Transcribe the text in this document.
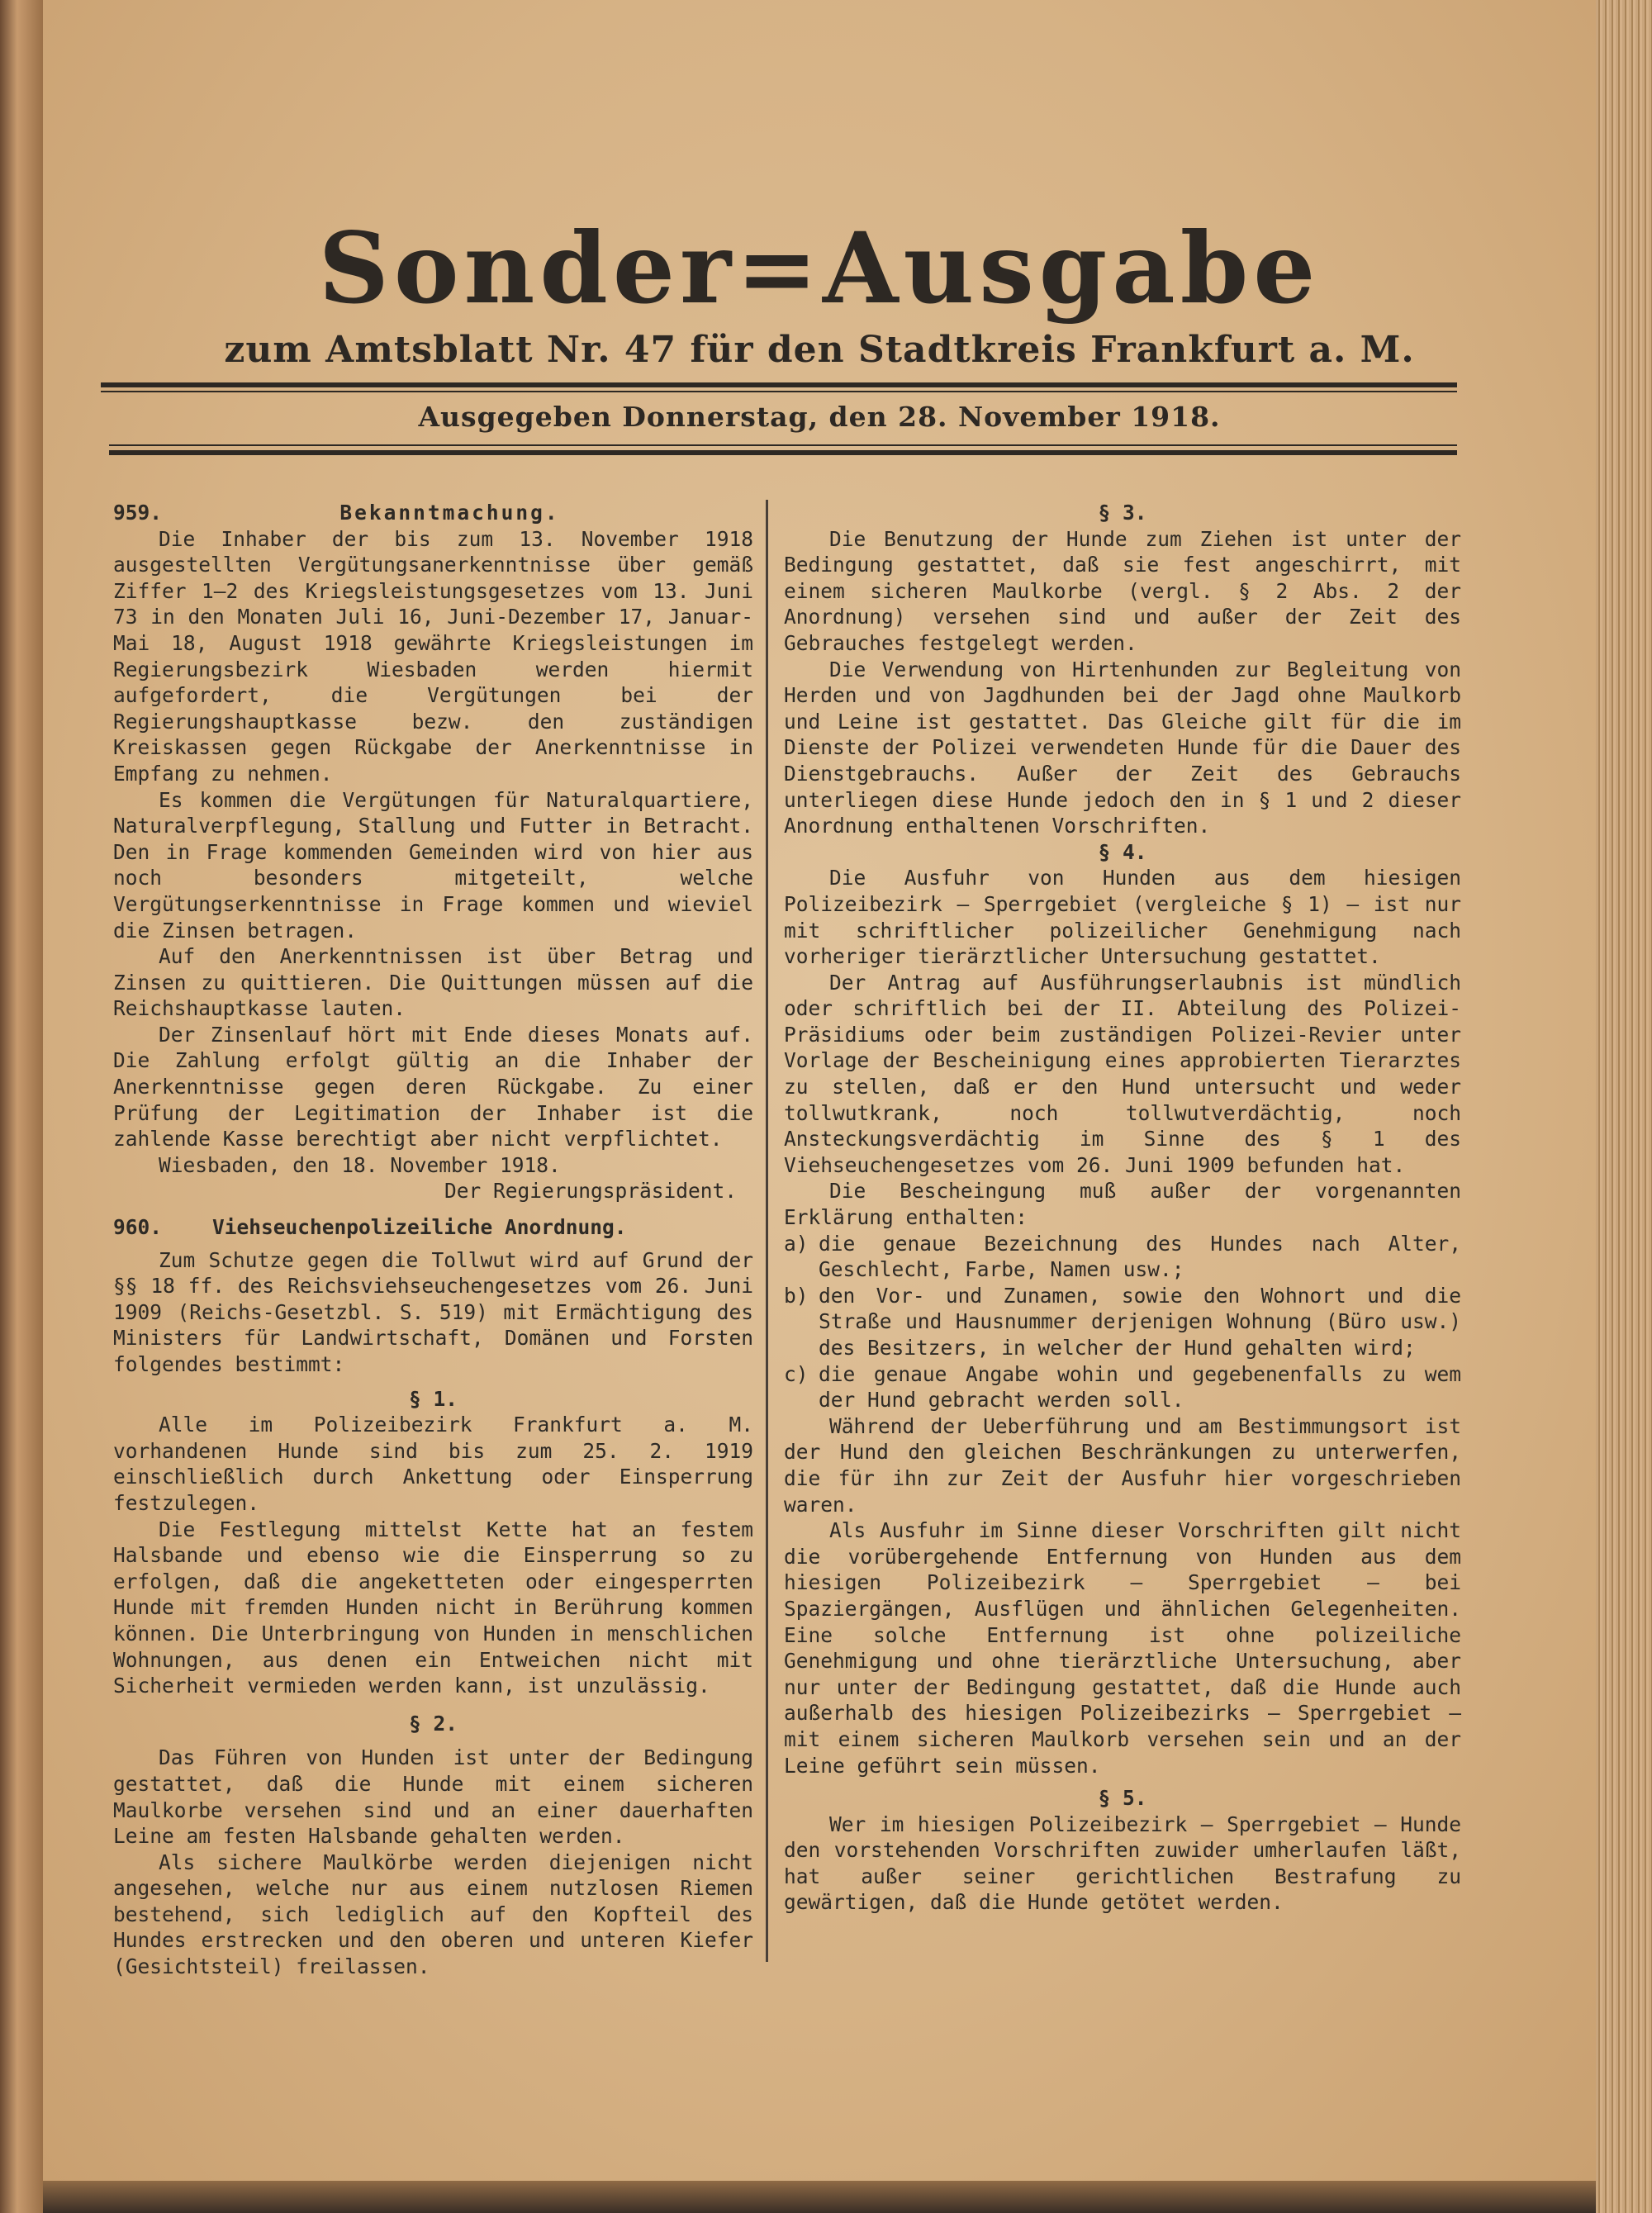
Sonder=Ausgabe
zum Amtsblatt Nr. 47 für den Stadtkreis Frankfurt a. M.
Ausgegeben Donnerstag, den 28. November 1918.
959.	Bekanntmachung.

Die Inhaber der bis zum 13. November 1918 ausgestellten Vergütungsanerkenntnisse über gemäß Ziffer 1—2 des Kriegsleistungsgesetzes vom 13. Juni 73 in den Monaten Juli 16, Juni-Dezember 17, Januar-Mai 18, August 1918 gewährte Kriegsleistungen im Regierungsbezirk Wiesbaden werden hiermit aufgefordert, die Vergütungen bei der Regierungshauptkasse bezw. den zuständigen Kreiskassen gegen Rückgabe der Anerkenntnisse in Empfang zu nehmen.

Es kommen die Vergütungen für Naturalquartiere, Naturalverpflegung, Stallung und Futter in Betracht. Den in Frage kommenden Gemeinden wird von hier aus noch besonders mitgeteilt, welche Vergütungserkenntnisse in Frage kommen und wieviel die Zinsen betragen.

Auf den Anerkenntnissen ist über Betrag und Zinsen zu quittieren. Die Quittungen müssen auf die Reichshauptkasse lauten.

Der Zinsenlauf hört mit Ende dieses Monats auf. Die Zahlung erfolgt gültig an die Inhaber der Anerkenntnisse gegen deren Rückgabe. Zu einer Prüfung der Legitimation der Inhaber ist die zahlende Kasse berechtigt aber nicht verpflichtet.

Wiesbaden, den 18. November 1918.

Der Regierungspräsident.
960.	Viehseuchenpolizeiliche Anordnung.

Zum Schutze gegen die Tollwut wird auf Grund der §§ 18 ff. des Reichsviehseuchengesetzes vom 26. Juni 1909 (Reichs-Gesetzbl. S. 519) mit Ermächtigung des Ministers für Landwirtschaft, Domänen und Forsten folgendes bestimmt:

§ 1.

Alle im Polizeibezirk Frankfurt a. M. vorhandenen Hunde sind bis zum 25. 2. 1919 einschließlich durch Ankettung oder Einsperrung festzulegen.

Die Festlegung mittelst Kette hat an festem Halsbande und ebenso wie die Einsperrung so zu erfolgen, daß die angeketteten oder eingesperrten Hunde mit fremden Hunden nicht in Berührung kommen können. Die Unterbringung von Hunden in menschlichen Wohnungen, aus denen ein Entweichen nicht mit Sicherheit vermieden werden kann, ist unzulässig.

§ 2.

Das Führen von Hunden ist unter der Bedingung gestattet, daß die Hunde mit einem sicheren Maulkorbe versehen sind und an einer dauerhaften Leine am festen Halsbande gehalten werden.

Als sichere Maulkörbe werden diejenigen nicht angesehen, welche nur aus einem nutzlosen Riemen bestehend, sich lediglich auf den Kopfteil des Hundes erstrecken und den oberen und unteren Kiefer (Gesichtsteil) freilassen.

§ 3.

Die Benutzung der Hunde zum Ziehen ist unter der Bedingung gestattet, daß sie fest angeschirrt, mit einem sicheren Maulkorbe (vergl. § 2 Abs. 2 der Anordnung) versehen sind und außer der Zeit des Gebrauches festgelegt werden.

Die Verwendung von Hirtenhunden zur Begleitung von Herden und von Jagdhunden bei der Jagd ohne Maulkorb und Leine ist gestattet. Das Gleiche gilt für die im Dienste der Polizei verwendeten Hunde für die Dauer des Dienstgebrauchs. Außer der Zeit des Gebrauchs unterliegen diese Hunde jedoch den in § 1 und 2 dieser Anordnung enthaltenen Vorschriften.

§ 4.

Die Ausfuhr von Hunden aus dem hiesigen Polizeibezirk — Sperrgebiet (vergleiche § 1) — ist nur mit schriftlicher polizeilicher Genehmigung nach vorheriger tierärztlicher Untersuchung gestattet.

Der Antrag auf Ausführungserlaubnis ist mündlich oder schriftlich bei der II. Abteilung des Polizei-Präsidiums oder beim zuständigen Polizei-Revier unter Vorlage der Bescheinigung eines approbierten Tierarztes zu stellen, daß er den Hund untersucht und weder tollwutkrank, noch tollwutverdächtig, noch Ansteckungsverdächtig im Sinne des § 1 des Viehseuchengesetzes vom 26. Juni 1909 befunden hat.

Die Bescheingung muß außer der vorgenannten Erklärung enthalten:

a) die genaue Bezeichnung des Hundes nach Alter, Geschlecht, Farbe, Namen usw.;
b) den Vor- und Zunamen, sowie den Wohnort und die Straße und Hausnummer derjenigen Wohnung (Büro usw.) des Besitzers, in welcher der Hund gehalten wird;
c) die genaue Angabe wohin und gegebenenfalls zu wem der Hund gebracht werden soll.

Während der Ueberführung und am Bestimmungsort ist der Hund den gleichen Beschränkungen zu unterwerfen, die für ihn zur Zeit der Ausfuhr hier vorgeschrieben waren.

Als Ausfuhr im Sinne dieser Vorschriften gilt nicht die vorübergehende Entfernung von Hunden aus dem hiesigen Polizeibezirk — Sperrgebiet — bei Spaziergängen, Ausflügen und ähnlichen Gelegenheiten. Eine solche Entfernung ist ohne polizeiliche Genehmigung und ohne tierärztliche Untersuchung, aber nur unter der Bedingung gestattet, daß die Hunde auch außerhalb des hiesigen Polizeibezirks — Sperrgebiet — mit einem sicheren Maulkorb versehen sein und an der Leine geführt sein müssen.

§ 5.

Wer im hiesigen Polizeibezirk — Sperrgebiet — Hunde den vorstehenden Vorschriften zuwider umherlaufen läßt, hat außer seiner gerichtlichen Bestrafung zu gewärtigen, daß die Hunde getötet werden.
